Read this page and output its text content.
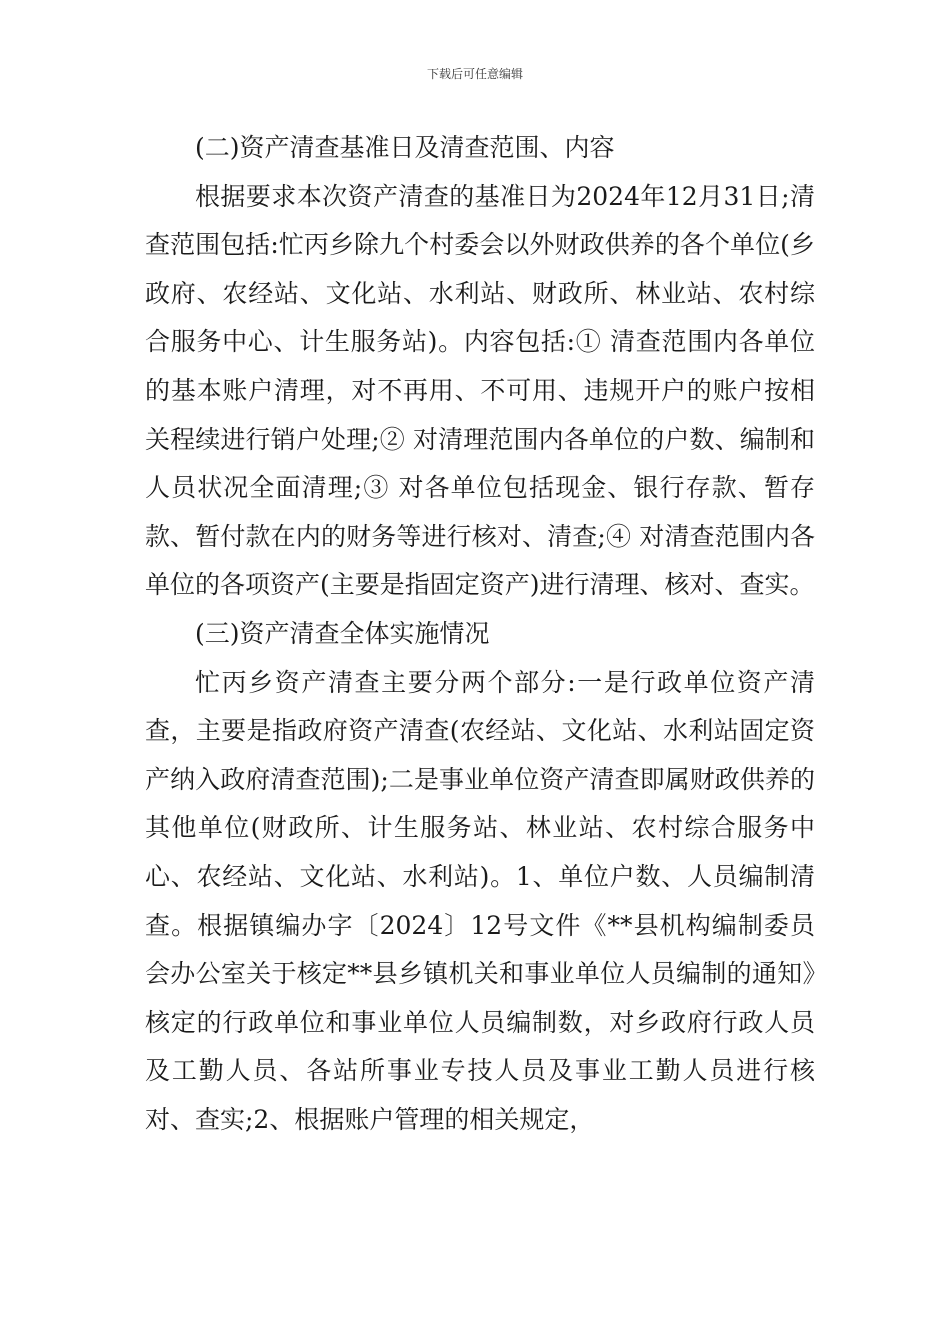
下载后可任意编辑

(二)资产清查基准日及清查范围、内容

根据要求本次资产清查的基准日为2024年12月31日;清查范围包括:忙丙乡除九个村委会以外财政供养的各个单位(乡政府、农经站、文化站、水利站、财政所、林业站、农村综合服务中心、计生服务站)。内容包括:① 清查范围内各单位的基本账户清理，对不再用、不可用、违规开户的账户按相关程续进行销户处理;② 对清理范围内各单位的户数、编制和人员状况全面清理;③ 对各单位包括现金、银行存款、暂存款、暂付款在内的财务等进行核对、清查;④ 对清查范围内各单位的各项资产(主要是指固定资产)进行清理、核对、查实。

(三)资产清查全体实施情况

忙丙乡资产清查主要分两个部分:一是行政单位资产清查，主要是指政府资产清查(农经站、文化站、水利站固定资产纳入政府清查范围);二是事业单位资产清查即属财政供养的其他单位(财政所、计生服务站、林业站、农村综合服务中心、农经站、文化站、水利站)。1、单位户数、人员编制清查。根据镇编办字〔2024〕12号文件《**县机构编制委员会办公室关于核定**县乡镇机关和事业单位人员编制的通知》核定的行政单位和事业单位人员编制数，对乡政府行政人员及工勤人员、各站所事业专技人员及事业工勤人员进行核对、查实;2、根据账户管理的相关规定，
